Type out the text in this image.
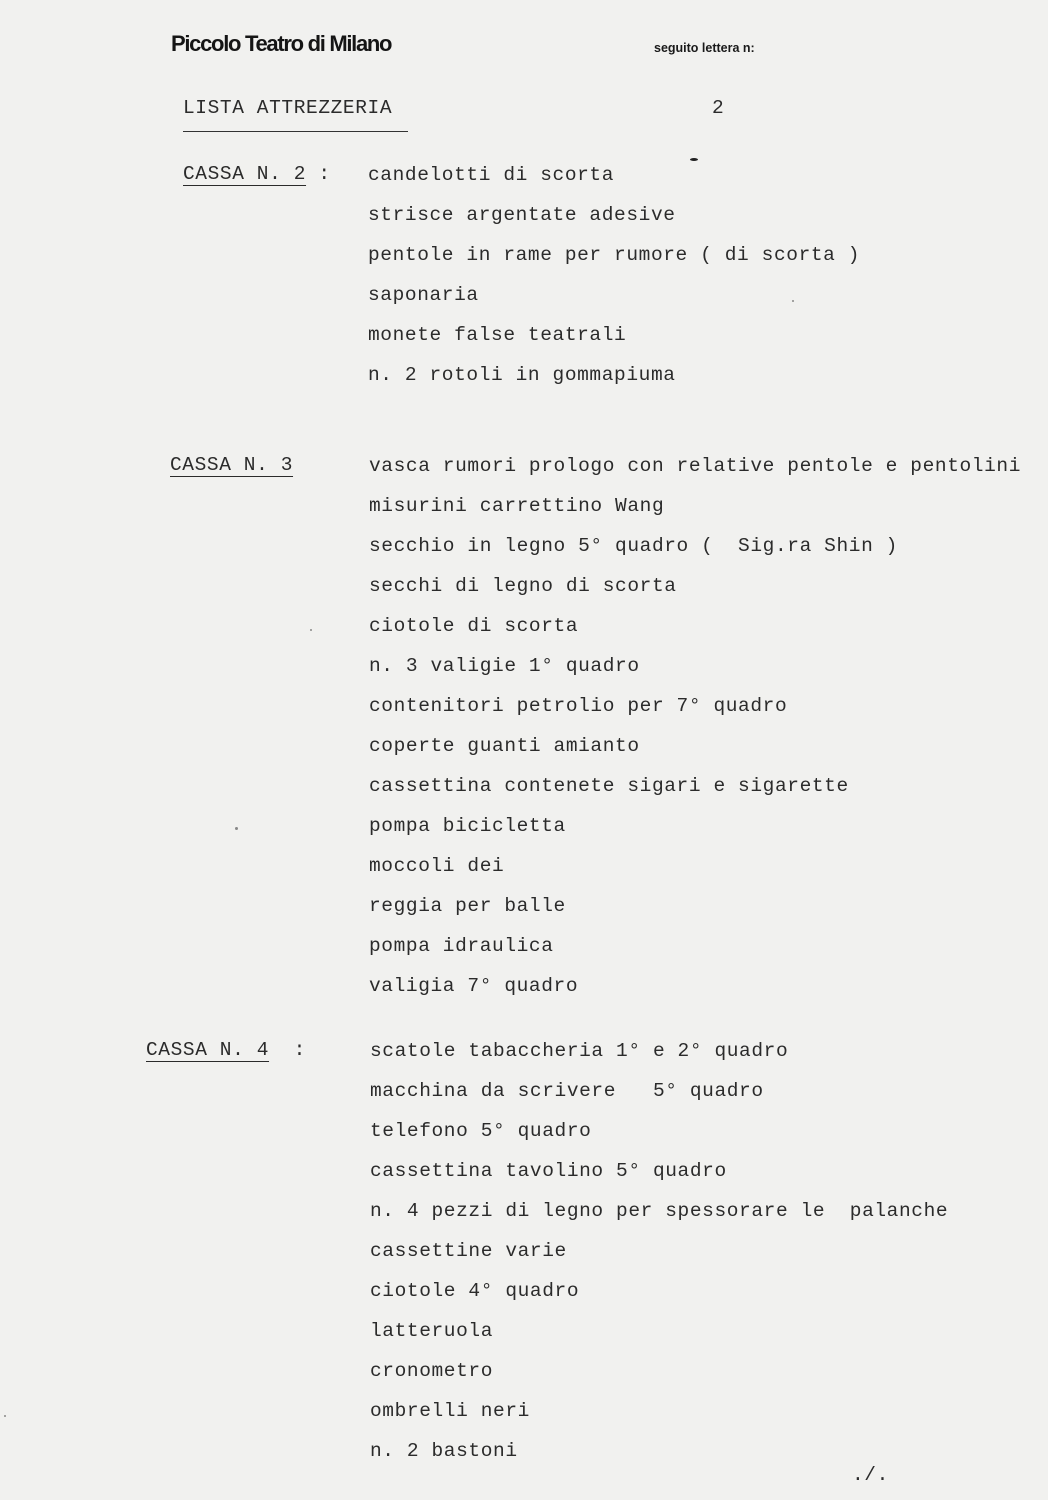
Piccolo Teatro di Milano	seguito lettera n:
LISTA ATTREZZERIA	2
CASSA N. 2 : candelotti di scorta
strisce argentate adesive
pentole in rame per rumore ( di scorta )
saponaria
monete false teatrali
n. 2 rotoli in gommapiuma
CASSA N. 3	vasca rumori prologo con relative pentole e pentolini
misurini carrettino Wang
secchio in legno 5° quadro (  Sig.ra Shin )
secchi di legno di scorta
ciotole di scorta
n. 3 valigie 1° quadro
contenitori petrolio per 7° quadro
coperte guanti amianto
cassettina contenete sigari e sigarette
pompa bicicletta
moccoli dei
reggia per balle
pompa idraulica
valigia 7° quadro
CASSA N. 4 :	scatole tabaccheria 1° e 2° quadro
macchina da scrivere   5° quadro
telefono 5° quadro
cassettina tavolino 5° quadro
n. 4 pezzi di legno per spessorare le  palanche
cassettine varie
ciotole 4° quadro
latteruola
cronometro
ombrelli neri
n. 2 bastoni
./.
